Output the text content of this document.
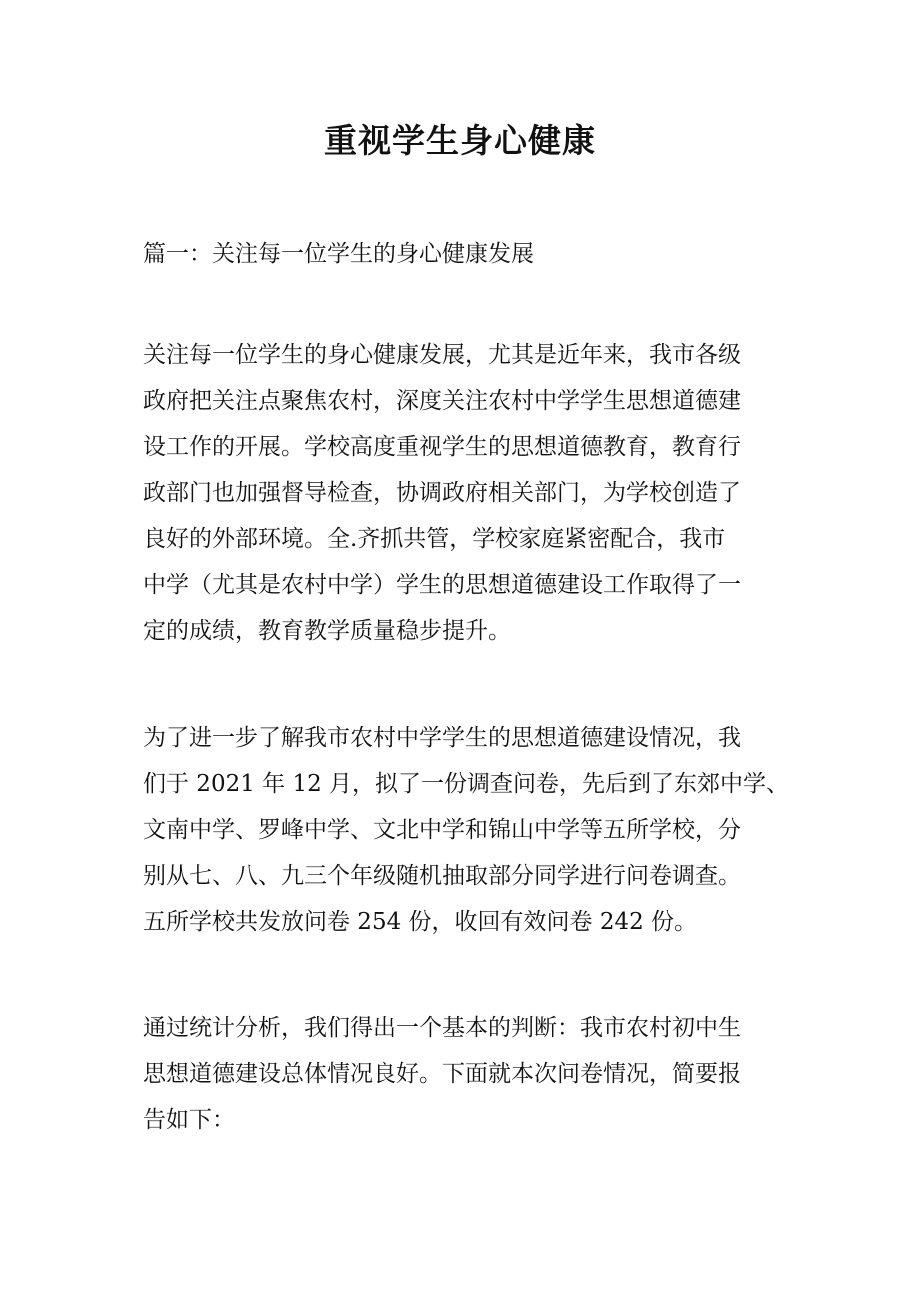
重视学生身心健康
篇一：关注每一位学生的身心健康发展
关注每一位学生的身心健康发展，尤其是近年来，我市各级
政府把关注点聚焦农村，深度关注农村中学学生思想道德建
设工作的开展。学校高度重视学生的思想道德教育，教育行
政部门也加强督导检查，协调政府相关部门，为学校创造了
良好的外部环境。全.齐抓共管，学校家庭紧密配合，我市
中学（尤其是农村中学）学生的思想道德建设工作取得了一
定的成绩，教育教学质量稳步提升。
为了进一步了解我市农村中学学生的思想道德建设情况，我
们于 2021 年 12 月，拟了一份调查问卷，先后到了东郊中学、
文南中学、罗峰中学、文北中学和锦山中学等五所学校，分
别从七、八、九三个年级随机抽取部分同学进行问卷调查。
五所学校共发放问卷 254 份，收回有效问卷 242 份。
通过统计分析，我们得出一个基本的判断：我市农村初中生
思想道德建设总体情况良好。下面就本次问卷情况，简要报
告如下：
